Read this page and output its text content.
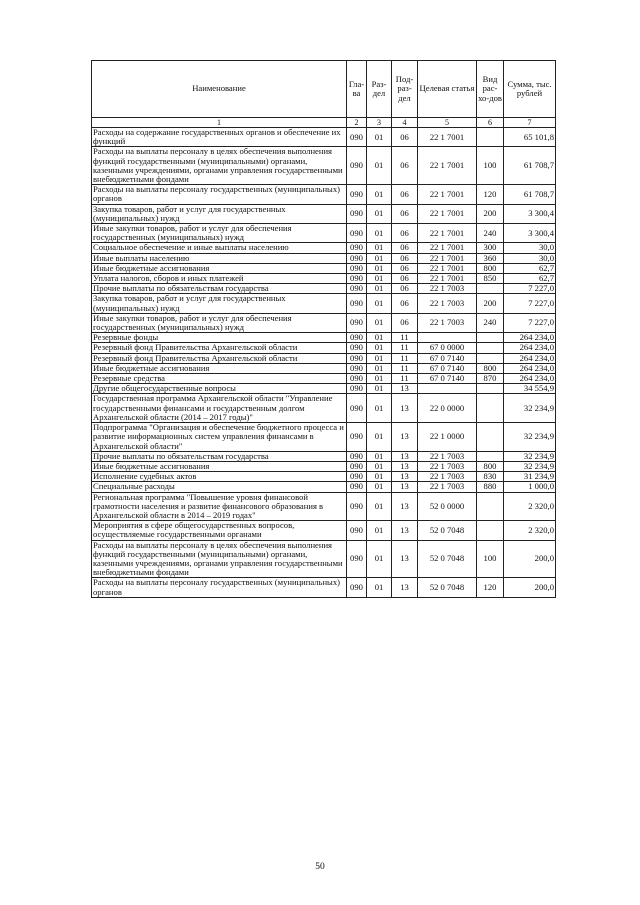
Наименование	Гла-ва	Раз-дел	Под-раз-дел	Целевая статья	Вид рас-хо-дов	Сумма, тыс. рублей
1	2	3	4	5	6	7
Расходы на содержание государственных органов и обеспечение их функций	090	01	06	22 1 7001		65 101,8
Расходы на выплаты персоналу в целях обеспечения выполнения функций государственными (муниципальными) органами, казенными учреждениями, органами управления государственными внебюджетными фондами	090	01	06	22 1 7001	100	61 708,7
Расходы на выплаты персоналу государственных (муниципальных) органов	090	01	06	22 1 7001	120	61 708,7
Закупка товаров, работ и услуг для государственных (муниципальных) нужд	090	01	06	22 1 7001	200	3 300,4
Иные закупки товаров, работ и услуг для обеспечения государственных (муниципальных) нужд	090	01	06	22 1 7001	240	3 300,4
Социальное обеспечение и иные выплаты населению	090	01	06	22 1 7001	300	30,0
Иные выплаты населению	090	01	06	22 1 7001	360	30,0
Иные бюджетные ассигнования	090	01	06	22 1 7001	800	62,7
Уплата налогов, сборов и иных платежей	090	01	06	22 1 7001	850	62,7
Прочие выплаты по обязательствам государства	090	01	06	22 1 7003		7 227,0
Закупка товаров, работ и услуг для государственных (муниципальных) нужд	090	01	06	22 1 7003	200	7 227,0
Иные закупки товаров, работ и услуг для обеспечения государственных (муниципальных) нужд	090	01	06	22 1 7003	240	7 227,0
Резервные фонды	090	01	11			264 234,0
Резервный фонд Правительства Архангельской области	090	01	11	67 0 0000		264 234,0
Резервный фонд Правительства Архангельской области	090	01	11	67 0 7140		264 234,0
Иные бюджетные ассигнования	090	01	11	67 0 7140	800	264 234,0
Резервные средства	090	01	11	67 0 7140	870	264 234,0
Другие общегосударственные вопросы	090	01	13			34 554,9
Государственная программа Архангельской области "Управление государственными финансами и государственным долгом Архангельской области (2014 – 2017 годы)"	090	01	13	22 0 0000		32 234,9
Подпрограмма "Организация и обеспечение бюджетного процесса и развитие информационных систем управления финансами в Архангельской области"	090	01	13	22 1 0000		32 234,9
Прочие выплаты по обязательствам государства	090	01	13	22 1 7003		32 234,9
Иные бюджетные ассигнования	090	01	13	22 1 7003	800	32 234,9
Исполнение судебных актов	090	01	13	22 1 7003	830	31 234,9
Специальные расходы	090	01	13	22 1 7003	880	1 000,0
Региональная программа "Повышение уровня финансовой грамотности населения и развитие финансового образования в Архангельской области в 2014 – 2019 годах"	090	01	13	52 0 0000		2 320,0
Мероприятия в сфере общегосударственных вопросов, осуществляемые государственными органами	090	01	13	52 0 7048		2 320,0
Расходы на выплаты персоналу в целях обеспечения выполнения функций государственными (муниципальными) органами, казенными учреждениями, органами управления государственными внебюджетными фондами	090	01	13	52 0 7048	100	200,0
Расходы на выплаты персоналу государственных (муниципальных) органов	090	01	13	52 0 7048	120	200,0
50
